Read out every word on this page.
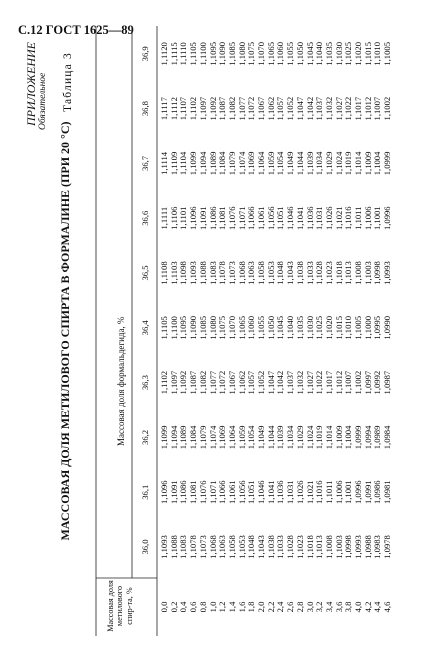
С.12 ГОСТ 1625—89
ПРИЛОЖЕНИЕ Обязательное Таблица 3
МАССОВАЯ ДОЛЯ МЕТИЛОВОГО СПИРТА В ФОРМАЛИНЕ (ПРИ 20 °С)
Массовая доля метилового спир-та, %
Массовая доля формальдегида, %
36,0
36,1
36,2
36,3
36,4
36,5
36,6
36,7
36,8
36,9
0,0 0,2 0,4 0,6 0,8 1,0 1,2 1,4 1,6 1,8 2,0 2,2 2,4 2,6 2,8 3,0 3,2 3,4 3,6 3,8 4,0 4,2 4,4 4,6
1,1093 1,1088 1,1083 1,1078 1,1073 1,1068 1,1063 1,1058 1,1053 1,1048 1,1043 1,1038 1,1033 1,1028 1,1023 1,1018 1,1013 1,1008 1,1003 1,0998 1,0993 1,0988 1,0983 1,0978
1,1096 1,1091 1,1086 1,1081 1,1076 1,1071 1,1066 1,1061 1,1056 1,1051 1,1046 1,1041 1,1036 1,1031 1,1026 1,1021 1,1016 1,1011 1,1006 1,1001 1,0996 1,0991 1,0986 1,0981
1,1099 1,1094 1,1089 1,1084 1,1079 1,1074 1,1069 1,1064 1,1059 1,1054 1,1049 1,1044 1,1039 1,1034 1,1029 1,1024 1,1019 1,1014 1,1009 1,1004 1,0999 1,0994 1,0989 1,0984
1,1102 1,1097 1,1092 1,1087 1,1082 1,1077 1,1072 1,1067 1,1062 1,1057 1,1052 1,1047 1,1042 1,1037 1,1032 1,1027 1,1022 1,1017 1,1012 1,1007 1,1002 1,0997 1,0992 1,0987
1,1105 1,1100 1,1095 1,1090 1,1085 1,1080 1,1075 1,1070 1,1065 1,1060 1,1055 1,1050 1,1045 1,1040 1,1035 1,1030 1,1025 1,1020 1,1015 1,1010 1,1005 1,1000 1,0995 1,0990
1,1108 1,1103 1,1098 1,1093 1,1088 1,1083 1,1078 1,1073 1,1068 1,1063 1,1058 1,1053 1,1048 1,1043 1,1038 1,1033 1,1028 1,1023 1,1018 1,1013 1,1008 1,1003 1,0998 1,0993
1,1111 1,1106 1,1101 1,1096 1,1091 1,1086 1,1081 1,1076 1,1071 1,1066 1,1061 1,1056 1,1051 1,1046 1,1041 1,1036 1,1031 1,1026 1,1021 1,1016 1,1011 1,1006 1,1001 1,0996
1,1114 1,1109 1,1104 1,1099 1,1094 1,1089 1,1084 1,1079 1,1074 1,1069 1,1064 1,1059 1,1054 1,1049 1,1044 1,1039 1,1034 1,1029 1,1024 1,1019 1,1014 1,1009 1,1004 1,0999
1,1117 1,1112 1,1107 1,1102 1,1097 1,1092 1,1087 1,1082 1,1077 1,1072 1,1067 1,1062 1,1057 1,1052 1,1047 1,1042 1,1037 1,1032 1,1027 1,1022 1,1017 1,1012 1,1007 1,1002
1,1120 1,1115 1,1110 1,1105 1,1100 1,1095 1,1090 1,1085 1,1080 1,1075 1,1070 1,1065 1,1060 1,1055 1,1050 1,1045 1,1040 1,1035 1,1030 1,1025 1,1020 1,1015 1,1010 1,1005
